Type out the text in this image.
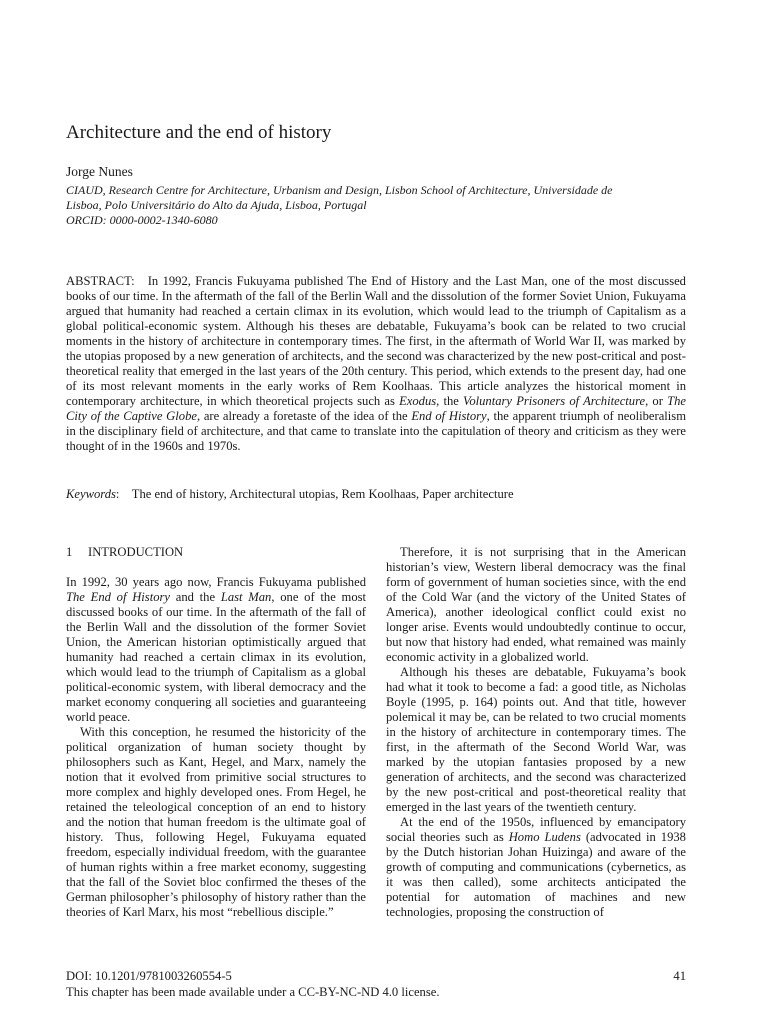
Architecture and the end of history
Jorge Nunes
CIAUD, Research Centre for Architecture, Urbanism and Design, Lisbon School of Architecture, Universidade de
Lisboa, Polo Universitário do Alto da Ajuda, Lisboa, Portugal
ORCID: 0000-0002-1340-6080
ABSTRACT: In 1992, Francis Fukuyama published The End of History and the Last Man, one of the most discussed books of our time. In the aftermath of the fall of the Berlin Wall and the dissolution of the former Soviet Union, Fukuyama argued that humanity had reached a certain climax in its evolution, which would lead to the triumph of Capitalism as a global political-economic system. Although his theses are debatable, Fukuyama’s book can be related to two crucial moments in the history of architecture in contemporary times. The first, in the aftermath of World War II, was marked by the utopias proposed by a new generation of architects, and the second was characterized by the new post-critical and post-theoretical reality that emerged in the last years of the 20th century. This period, which extends to the present day, had one of its most relevant moments in the early works of Rem Koolhaas. This article analyzes the historical moment in contemporary architecture, in which theoretical projects such as Exodus, the Voluntary Prisoners of Architecture, or The City of the Captive Globe, are already a foretaste of the idea of the End of History, the apparent triumph of neoliberalism in the disciplinary field of architecture, and that came to translate into the capitulation of theory and criticism as they were thought of in the 1960s and 1970s.
Keywords: The end of history, Architectural utopias, Rem Koolhaas, Paper architecture
1 INTRODUCTION

In 1992, 30 years ago now, Francis Fukuyama published The End of History and the Last Man, one of the most discussed books of our time. In the aftermath of the fall of the Berlin Wall and the dissolution of the former Soviet Union, the American historian optimistically argued that humanity had reached a certain climax in its evolution, which would lead to the triumph of Capitalism as a global political-economic system, with liberal democracy and the market economy conquering all societies and guaranteeing world peace.

With this conception, he resumed the historicity of the political organization of human society thought by philosophers such as Kant, Hegel, and Marx, namely the notion that it evolved from primitive social structures to more complex and highly developed ones. From Hegel, he retained the teleological conception of an end to history and the notion that human freedom is the ultimate goal of history. Thus, following Hegel, Fukuyama equated freedom, especially individual freedom, with the guarantee of human rights within a free market economy, suggesting that the fall of the Soviet bloc confirmed the theses of the German philosopher’s philosophy of history rather than the theories of Karl Marx, his most “rebellious disciple.”

Therefore, it is not surprising that in the American historian’s view, Western liberal democracy was the final form of government of human societies since, with the end of the Cold War (and the victory of the United States of America), another ideological conflict could exist no longer arise. Events would undoubtedly continue to occur, but now that history had ended, what remained was mainly economic activity in a globalized world.

Although his theses are debatable, Fukuyama’s book had what it took to become a fad: a good title, as Nicholas Boyle (1995, p. 164) points out. And that title, however polemical it may be, can be related to two crucial moments in the history of architecture in contemporary times. The first, in the aftermath of the Second World War, was marked by the utopian fantasies proposed by a new generation of architects, and the second was characterized by the new post-critical and post-theoretical reality that emerged in the last years of the twentieth century.

At the end of the 1950s, influenced by emancipatory social theories such as Homo Ludens (advocated in 1938 by the Dutch historian Johan Huizinga) and aware of the growth of computing and communications (cybernetics, as it was then called), some architects anticipated the potential for automation of machines and new technologies, proposing the construction of

DOI: 10.1201/9781003260554-5	41
This chapter has been made available under a CC-BY-NC-ND 4.0 license.
